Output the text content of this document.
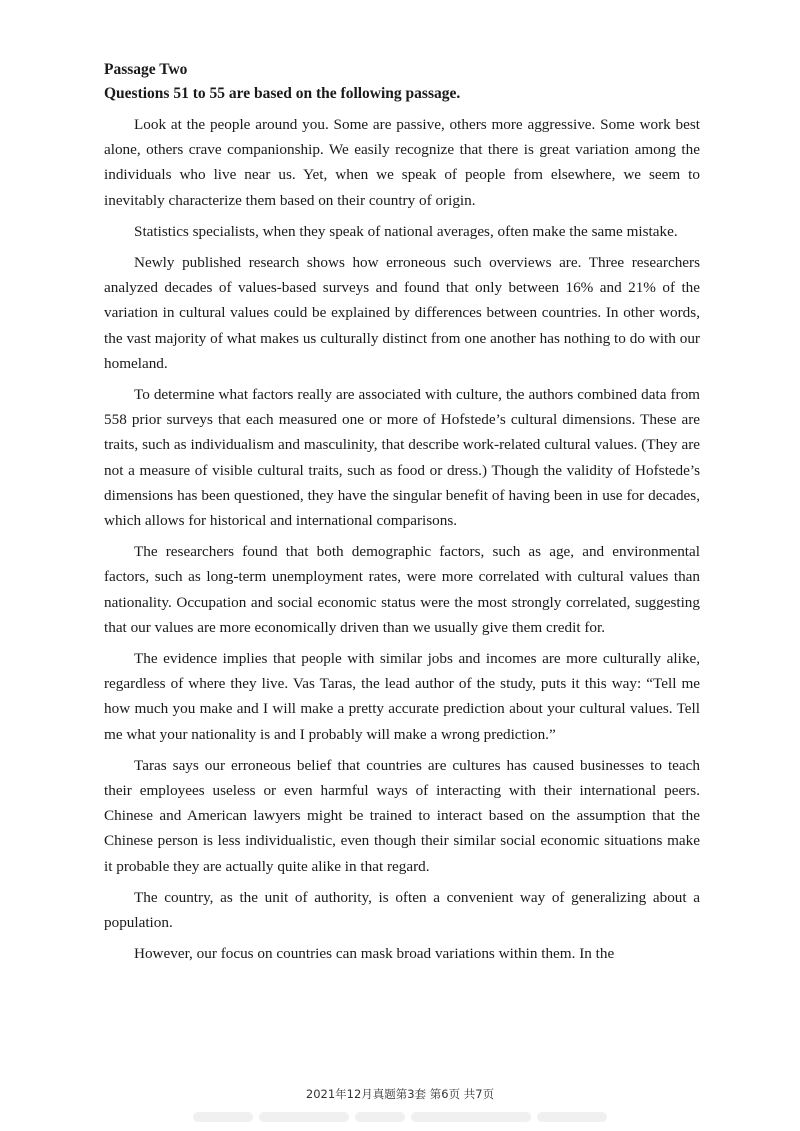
Passage Two

Questions 51 to 55 are based on the following passage.

Look at the people around you. Some are passive, others more aggressive. Some work best alone, others crave companionship. We easily recognize that there is great variation among the individuals who live near us. Yet, when we speak of people from elsewhere, we seem to inevitably characterize them based on their country of origin.

Statistics specialists, when they speak of national averages, often make the same mistake.

Newly published research shows how erroneous such overviews are. Three researchers analyzed decades of values-based surveys and found that only between 16% and 21% of the variation in cultural values could be explained by differences between countries. In other words, the vast majority of what makes us culturally distinct from one another has nothing to do with our homeland.

To determine what factors really are associated with culture, the authors combined data from 558 prior surveys that each measured one or more of Hofstede’s cultural dimensions. These are traits, such as individualism and masculinity, that describe work-related cultural values. (They are not a measure of visible cultural traits, such as food or dress.) Though the validity of Hofstede’s dimensions has been questioned, they have the singular benefit of having been in use for decades, which allows for historical and international comparisons.

The researchers found that both demographic factors, such as age, and environmental factors, such as long-term unemployment rates, were more correlated with cultural values than nationality. Occupation and social economic status were the most strongly correlated, suggesting that our values are more economically driven than we usually give them credit for.

The evidence implies that people with similar jobs and incomes are more culturally alike, regardless of where they live. Vas Taras, the lead author of the study, puts it this way: “Tell me how much you make and I will make a pretty accurate prediction about your cultural values. Tell me what your nationality is and I probably will make a wrong prediction.”

Taras says our erroneous belief that countries are cultures has caused businesses to teach their employees useless or even harmful ways of interacting with their international peers. Chinese and American lawyers might be trained to interact based on the assumption that the Chinese person is less individualistic, even though their similar social economic situations make it probable they are actually quite alike in that regard.

The country, as the unit of authority, is often a convenient way of generalizing about a population.

However, our focus on countries can mask broad variations within them. In the

2021年12月真题第3套 第6页 共7页
